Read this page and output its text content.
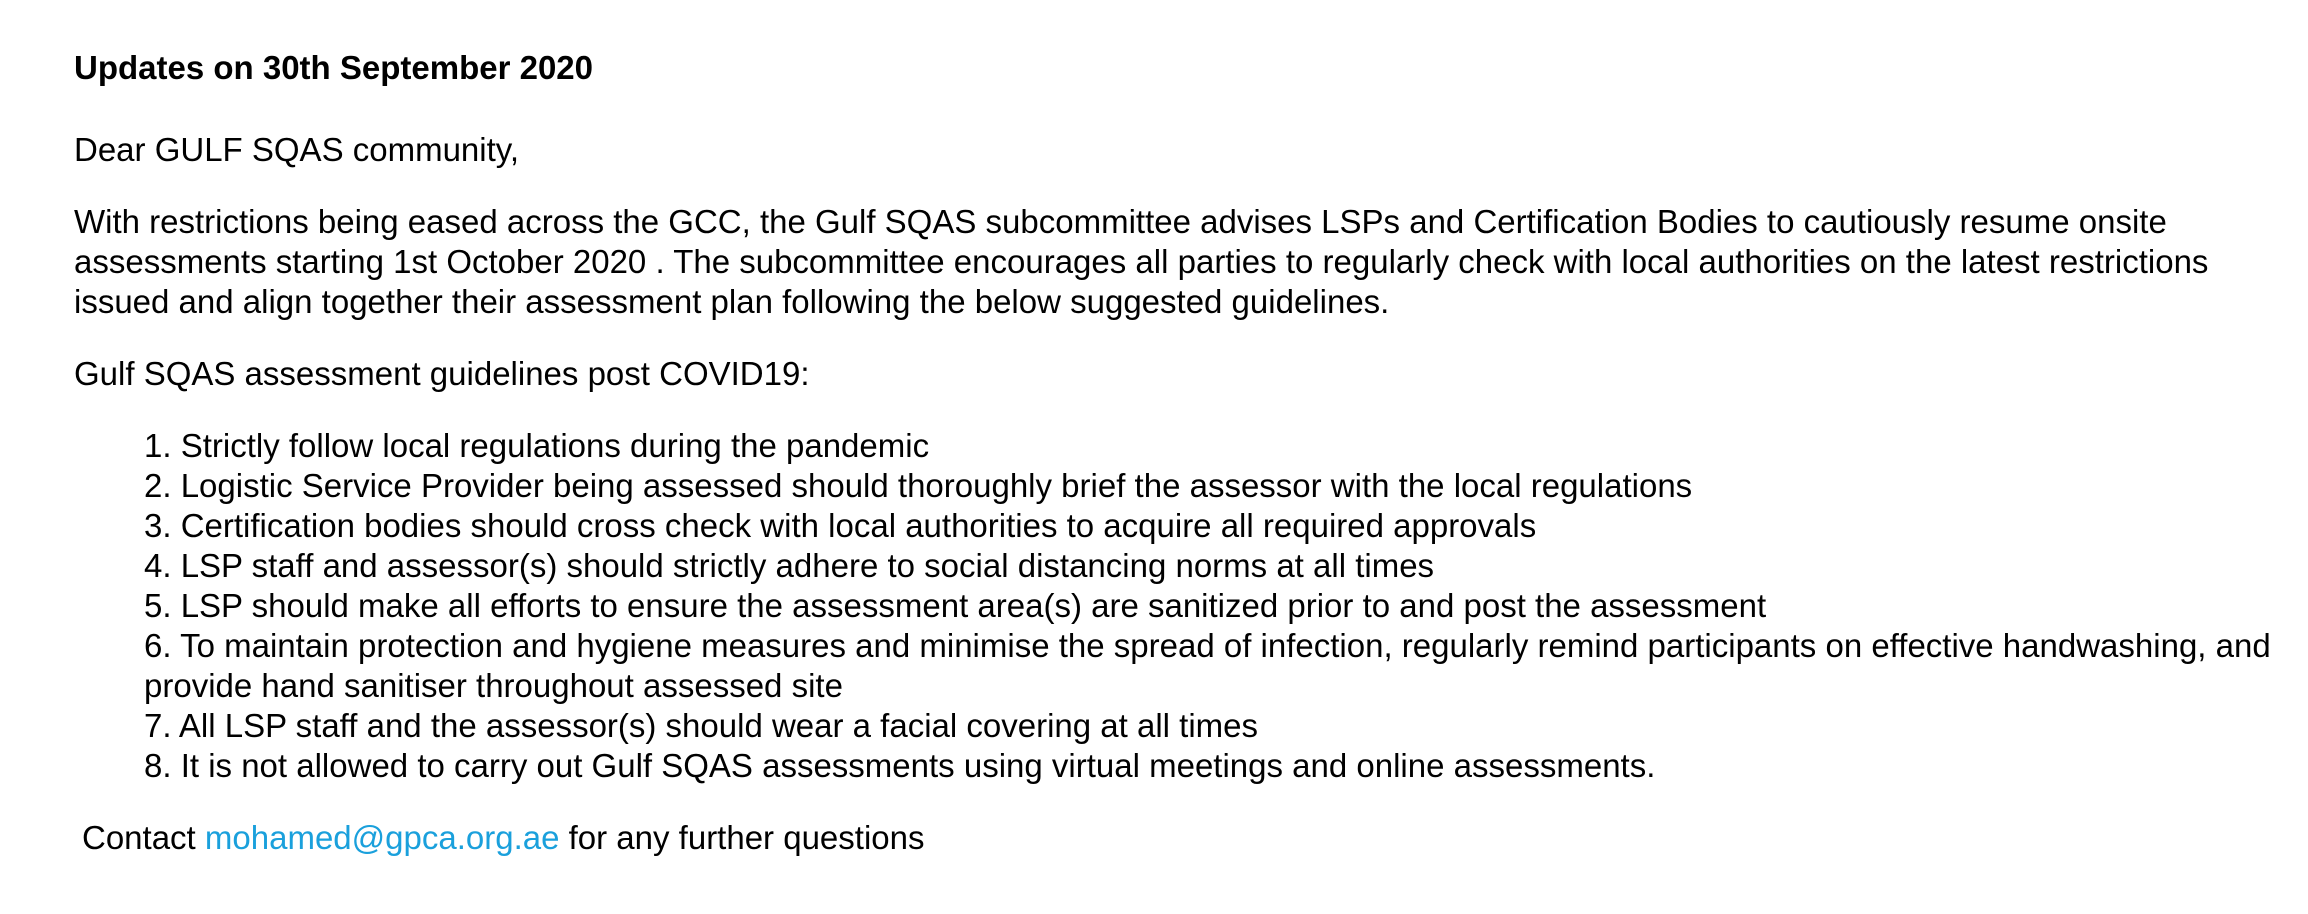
Updates on 30th September 2020

Dear GULF SQAS community,

With restrictions being eased across the GCC, the Gulf SQAS subcommittee advises LSPs and Certification Bodies to cautiously resume onsite assessments starting 1st October 2020 . The subcommittee encourages all parties to regularly check with local authorities on the latest restrictions issued and align together their assessment plan following the below suggested guidelines.

Gulf SQAS assessment guidelines post COVID19:

1. Strictly follow local regulations during the pandemic
2. Logistic Service Provider being assessed should thoroughly brief the assessor with the local regulations
3. Certification bodies should cross check with local authorities to acquire all required approvals
4. LSP staff and assessor(s) should strictly adhere to social distancing norms at all times
5. LSP should make all efforts to ensure the assessment area(s) are sanitized prior to and post the assessment
6. To maintain protection and hygiene measures and minimise the spread of infection, regularly remind participants on effective handwashing, and provide hand sanitiser throughout assessed site
7. All LSP staff and the assessor(s) should wear a facial covering at all times
8. It is not allowed to carry out Gulf SQAS assessments using virtual meetings and online assessments.

Contact mohamed@gpca.org.ae for any further questions
